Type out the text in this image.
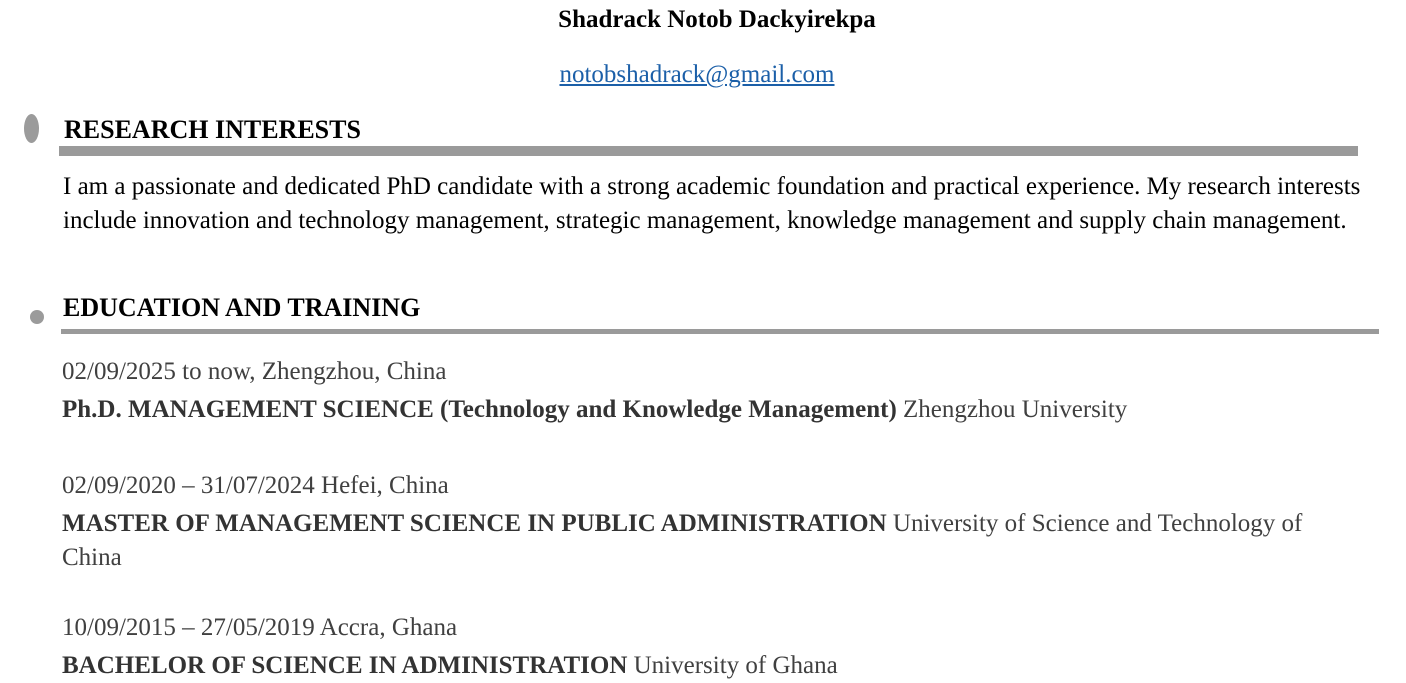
Shadrack Notob Dackyirekpa
notobshadrack@gmail.com
RESEARCH INTERESTS
I am a passionate and dedicated PhD candidate with a strong academic foundation and practical experience. My research interests include innovation and technology management, strategic management, knowledge management and supply chain management.
EDUCATION AND TRAINING
02/09/2025 to now, Zhengzhou, China
Ph.D. MANAGEMENT SCIENCE (Technology and Knowledge Management) Zhengzhou University
02/09/2020 – 31/07/2024 Hefei, China
MASTER OF MANAGEMENT SCIENCE IN PUBLIC ADMINISTRATION University of Science and Technology of China
10/09/2015 – 27/05/2019 Accra, Ghana
BACHELOR OF SCIENCE IN ADMINISTRATION University of Ghana
